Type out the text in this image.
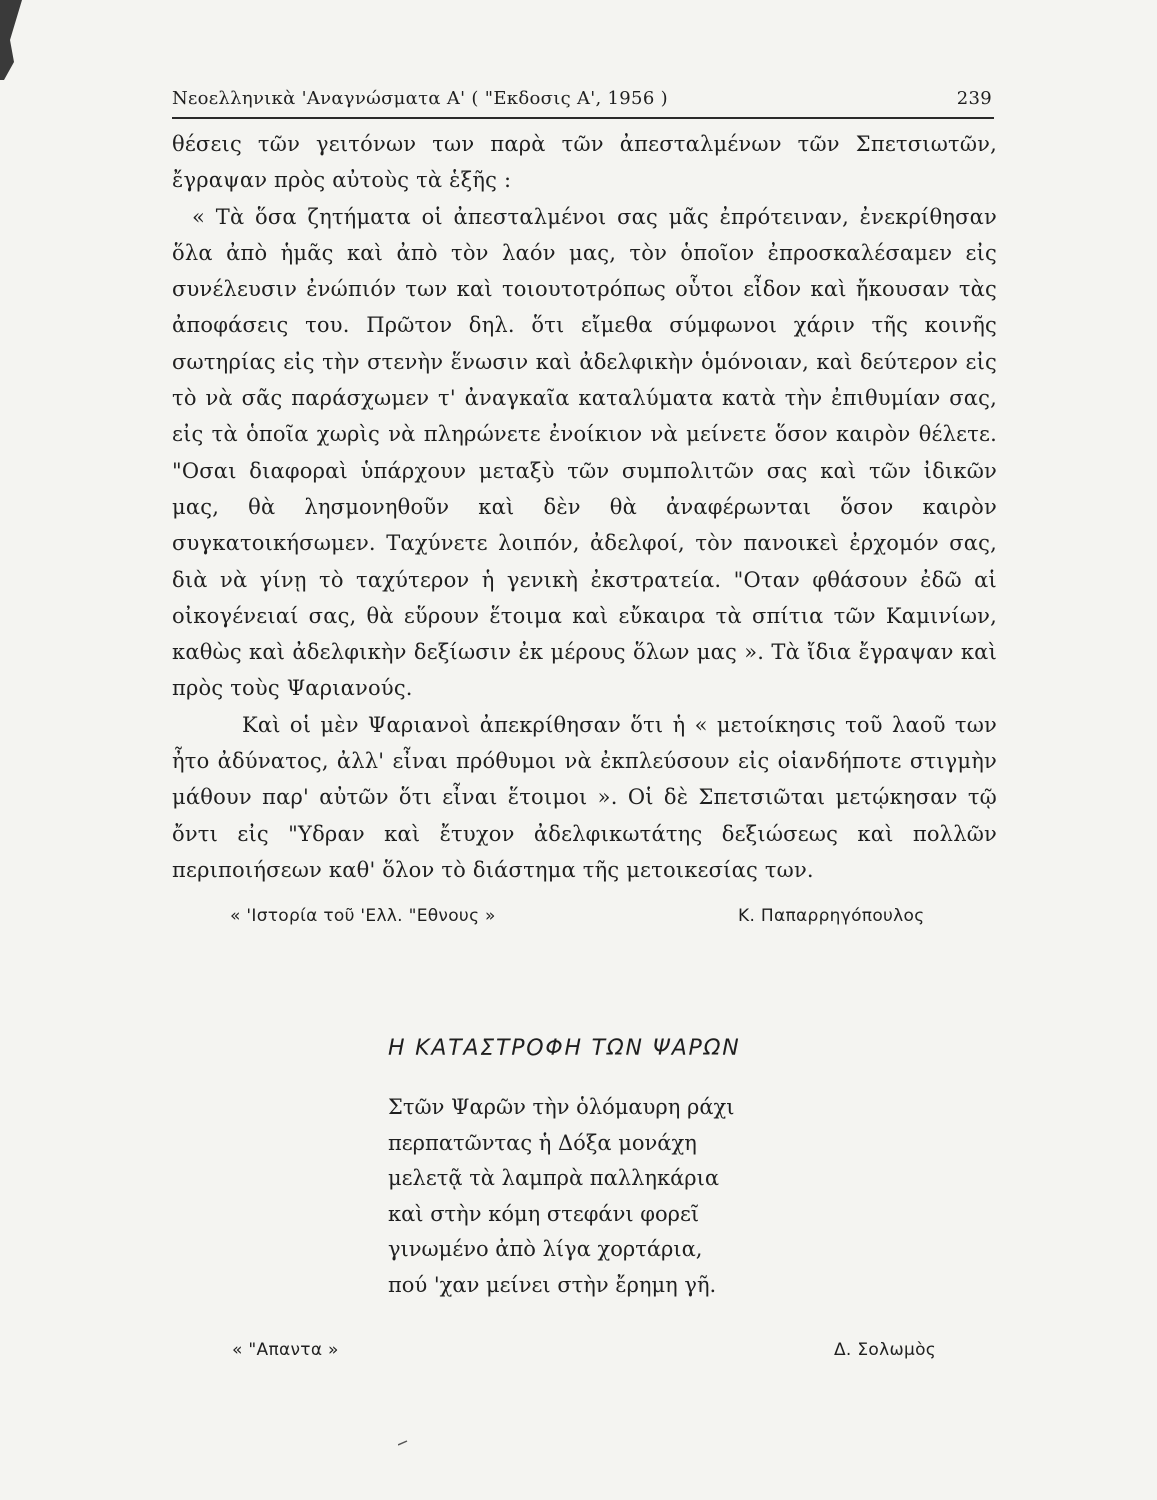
Νεοελληνικὰ 'Αναγνώσματα Α' ( "Εκδοσις Α', 1956 )	239

θέσεις τῶν γειτόνων των παρὰ τῶν ἀπεσταλμένων τῶν Σπετσιωτῶν, ἔγραψαν πρὸς αὐτοὺς τὰ ἑξῆς :

« Τὰ ὅσα ζητήματα οἱ ἀπεσταλμένοι σας μᾶς ἐπρότειναν, ἐνεκρίθησαν ὅλα ἀπὸ ἡμᾶς καὶ ἀπὸ τὸν λαόν μας, τὸν ὁποῖον ἐπροσκαλέσαμεν εἰς συνέλευσιν ἐνώπιόν των καὶ τοιουτοτρόπως οὗτοι εἶδον καὶ ἤκουσαν τὰς ἀποφάσεις του. Πρῶτον δηλ. ὅτι εἴμεθα σύμφωνοι χάριν τῆς κοινῆς σωτηρίας εἰς τὴν στενὴν ἕνωσιν καὶ ἀδελφικὴν ὁμόνοιαν, καὶ δεύτερον εἰς τὸ νὰ σᾶς παράσχωμεν τ' ἀναγκαῖα καταλύματα κατὰ τὴν ἐπιθυμίαν σας, εἰς τὰ ὁποῖα χωρὶς νὰ πληρώνετε ἐνοίκιον νὰ μείνετε ὅσον καιρὸν θέλετε. "Οσαι διαφοραὶ ὑπάρχουν μεταξὺ τῶν συμπολιτῶν σας καὶ τῶν ἰδικῶν μας, θὰ λησμονηθοῦν καὶ δὲν θὰ ἀναφέρωνται ὅσον καιρὸν συγκατοικήσωμεν. Ταχύνετε λοιπόν, ἀδελφοί, τὸν πανοικεὶ ἐρχομόν σας, διὰ νὰ γίνῃ τὸ ταχύτερον ἡ γενικὴ ἐκστρατεία. "Οταν φθάσουν ἐδῶ αἱ οἰκογένειαί σας, θὰ εὕρουν ἕτοιμα καὶ εὔκαιρα τὰ σπίτια τῶν Καμινίων, καθὼς καὶ ἀδελφικὴν δεξίωσιν ἐκ μέρους ὅλων μας ». Τὰ ἴδια ἔγραψαν καὶ πρὸς τοὺς Ψαριανούς.

Καὶ οἱ μὲν Ψαριανοὶ ἀπεκρίθησαν ὅτι ἡ « μετοίκησις τοῦ λαοῦ των ἦτο ἀδύνατος, ἀλλ' εἶναι πρόθυμοι νὰ ἐκπλεύσουν εἰς οἱανδήποτε στιγμὴν μάθουν παρ' αὐτῶν ὅτι εἶναι ἕτοιμοι ». Οἱ δὲ Σπετσιῶται μετῴκησαν τῷ ὄντι εἰς "Υδραν καὶ ἔτυχον ἀδελφικωτάτης δεξιώσεως καὶ πολλῶν περιποιήσεων καθ' ὅλον τὸ διάστημα τῆς μετοικεσίας των.

« 'Ιστορία τοῦ 'Ελλ. "Εθνους »	Κ. Παπαρρηγόπουλος
Η ΚΑΤΑΣΤΡΟΦΗ ΤΩΝ ΨΑΡΩΝ
Στῶν Ψαρῶν τὴν ὁλόμαυρη ράχι
περπατῶντας ἡ Δόξα μονάχη
μελετᾷ τὰ λαμπρὰ παλληκάρια
καὶ στὴν κόμη στεφάνι φορεῖ
γινωμένο ἀπὸ λίγα χορτάρια,
πού 'χαν μείνει στὴν ἔρημη γῆ.
« "Απαντα »	Δ. Σολωμὸς
